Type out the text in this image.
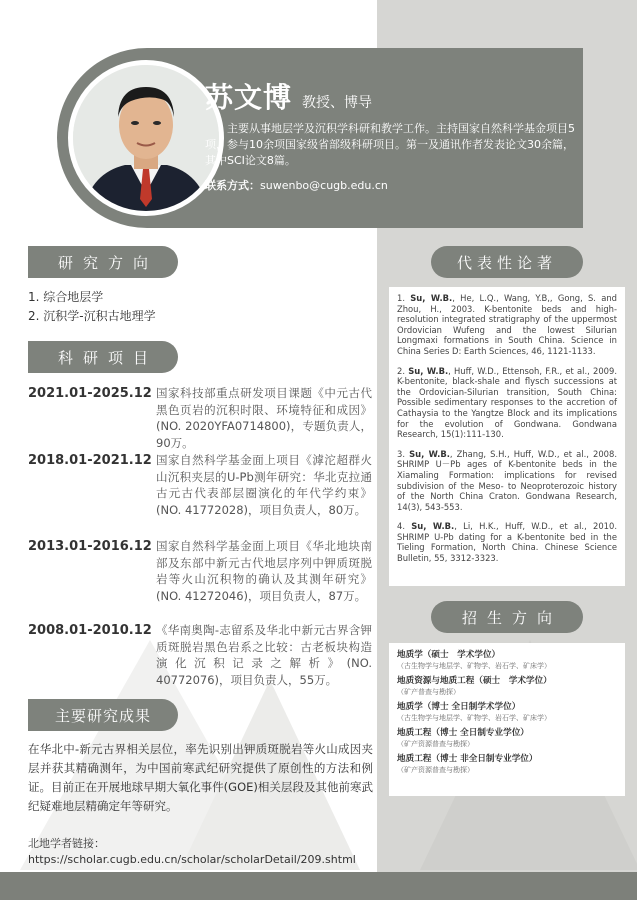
苏文博 教授、博导
主要从事地层学及沉积学科研和教学工作。主持国家自然科学基金项目5项，参与10余项国家级省部级科研项目。第一及通讯作者发表论文30余篇，其中SCI论文8篇。
联系方式：suwenbo@cugb.edu.cn
研究方向
1. 综合地层学
2. 沉积学-沉积古地理学
科研项目
2021.01-2025.12 国家科技部重点研发项目课题《中元古代黑色页岩的沉积时限、环境特征和成因》(NO. 2020YFA0714800)，专题负责人，90万。
2018.01-2021.12 国家自然科学基金面上项目《滹沱超群火山沉积夹层的U-Pb测年研究：华北克拉通古元古代表部层圈演化的年代学约束》(NO. 41772028)，项目负责人，80万。
2013.01-2016.12 国家自然科学基金面上项目《华北地块南部及东部中新元古代地层序列中钾质斑脱岩等火山沉积物的确认及其测年研究》(NO. 41272046)，项目负责人，87万。
2008.01-2010.12 《华南奥陶-志留系及华北中新元古界含钾质斑脱岩黑色岩系之比较：古老板块构造演化沉积记录之解析》(NO. 40772076)，项目负责人，55万。
主要研究成果
在华北中-新元古界相关层位，率先识别出钾质斑脱岩等火山成因夹层并获其精确测年，为中国前寒武纪研究提供了原创性的方法和例证。目前正在开展地球早期大氧化事件(GOE)相关层段及其他前寒武纪疑难地层精确定年等研究。
北地学者链接：
https://scholar.cugb.edu.cn/scholar/scholarDetail/209.shtml
代表性论著
1. Su, W.B., He, L.Q., Wang, Y.B,, Gong, S. and Zhou, H., 2003. K-bentonite beds and high-resolution integrated stratigraphy of the uppermost Ordovician Wufeng and the lowest Silurian Longmaxi formations in South China. Science in China Series D: Earth Sciences, 46, 1121-1133.
2. Su, W.B., Huff, W.D., Ettensoh, F.R., et al., 2009. K-bentonite, black-shale and flysch successions at the Ordovician-Silurian transition, South China: Possible sedimentary responses to the accretion of Cathaysia to the Yangtze Block and its implications for the evolution of Gondwana. Gondwana Research, 15(1):111-130.
3. Su, W.B., Zhang, S.H., Huff, W.D., et al., 2008. SHRIMP U－Pb ages of K-bentonite beds in the Xiamaling Formation: implications for revised subdivision of the Meso- to Neoproterozoic history of the North China Craton. Gondwana Research, 14(3), 543-553.
4. Su, W.B., Li, H.K., Huff, W.D., et al., 2010. SHRIMP U-Pb dating for a K-bentonite bed in the Tieling Formation, North China. Chinese Science Bulletin, 55, 3312-3323.
招生方向
地质学（硕士　学术学位）
（古生物学与地层学、矿物学、岩石学、矿床学）
地质资源与地质工程（硕士　学术学位）
（矿产普查与勘探）
地质学（博士 全日制学术学位）
（古生物学与地层学、矿物学、岩石学、矿床学）
地质工程（博士 全日制专业学位）
（矿产资源普查与勘探）
地质工程（博士 非全日制专业学位）
（矿产资源普查与勘探）
